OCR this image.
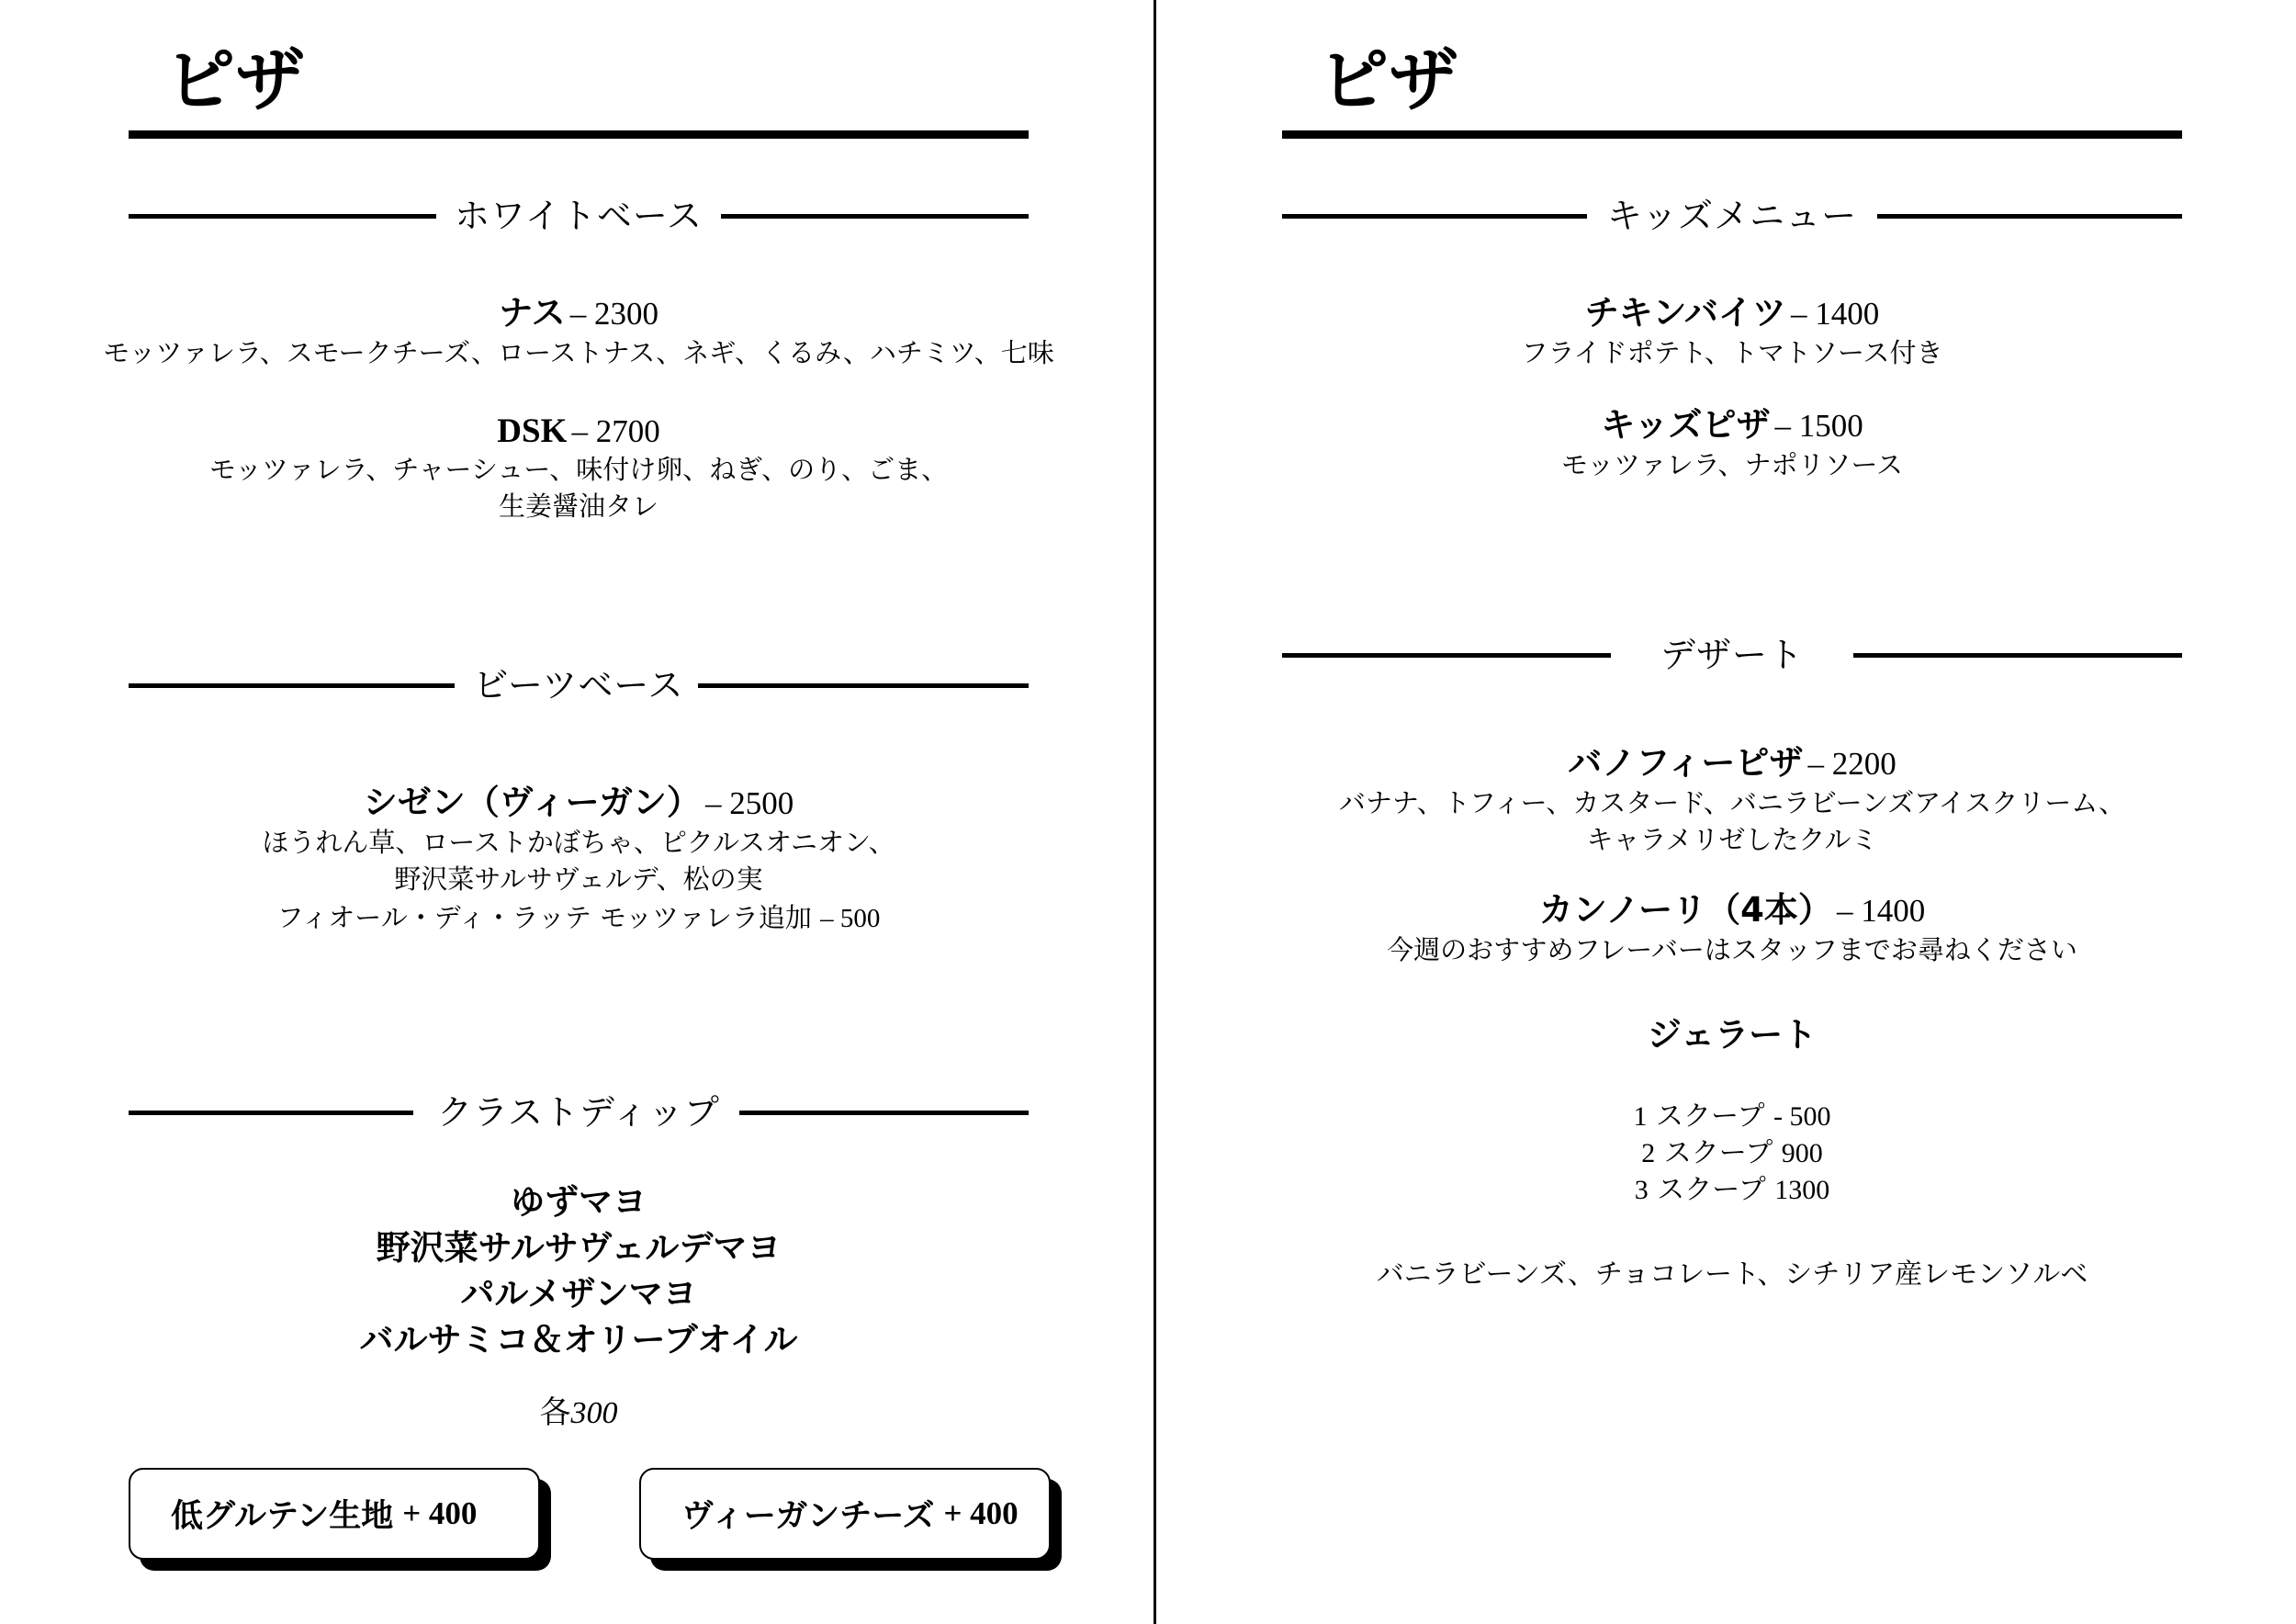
ピザ
ホワイトベース
ナス – 2300
モッツァレラ、スモークチーズ、ローストナス、ネギ、くるみ、ハチミツ、七味
DSK – 2700
モッツァレラ、チャーシュー、味付け卵、ねぎ、のり、ごま、
生姜醤油タレ
ビーツベース
シゼン（ヴィーガン） – 2500
ほうれん草、ローストかぼちゃ、ピクルスオニオン、
野沢菜サルサヴェルデ、松の実
フィオール・ディ・ラッテ モッツァレラ追加 – 500
クラストディップ
ゆずマヨ
野沢菜サルサヴェルデマヨ
パルメザンマヨ
バルサミコ＆オリーブオイル
各300
低グルテン生地 + 400	ヴィーガンチーズ + 400
ピザ
キッズメニュー
チキンバイツ – 1400
フライドポテト、トマトソース付き
キッズピザ – 1500
モッツァレラ、ナポリソース
デザート
バノフィーピザ – 2200
バナナ、トフィー、カスタード、バニラビーンズアイスクリーム、
キャラメリゼしたクルミ
カンノーリ（4本） – 1400
今週のおすすめフレーバーはスタッフまでお尋ねください
ジェラート
1 スクープ - 500
2 スクープ 900
3 スクープ 1300
バニラビーンズ、チョコレート、シチリア産レモンソルベ
